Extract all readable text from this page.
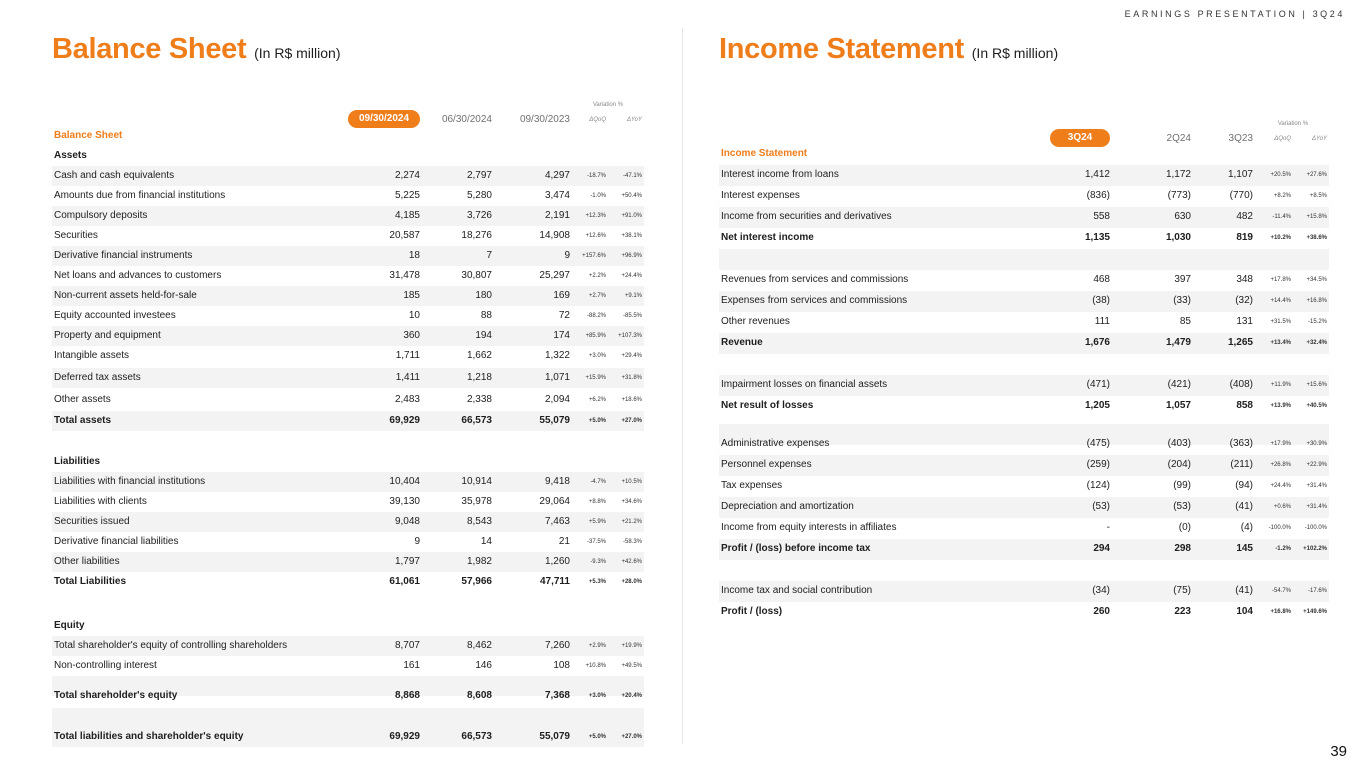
EARNINGS PRESENTATION | 3Q24
Balance Sheet (In R$ million)	Income Statement (In R$ million)
Variation %
09/30/2024	06/30/2024	09/30/2023	ΔQoQ	ΔYoY
Balance Sheet
Assets
Cash and cash equivalents	2,274	2,797	4,297	-18.7%	-47.1%
Amounts due from financial institutions	5,225	5,280	3,474	-1.0%	+50.4%
Compulsory deposits	4,185	3,726	2,191	+12.3%	+91.0%
Securities	20,587	18,276	14,908	+12.6%	+38.1%
Derivative financial instruments	18	7	9	+157.6%	+96.9%
Net loans and advances to customers	31,478	30,807	25,297	+2.2%	+24.4%
Non-current assets held-for-sale	185	180	169	+2.7%	+9.1%
Equity accounted investees	10	88	72	-88.2%	-85.5%
Property and equipment	360	194	174	+85.9%	+107.3%
Intangible assets	1,711	1,662	1,322	+3.0%	+29.4%
Deferred tax assets	1,411	1,218	1,071	+15.9%	+31.8%
Other assets	2,483	2,338	2,094	+6.2%	+18.6%
Total assets	69,929	66,573	55,079	+5.0%	+27.0%
Liabilities
Liabilities with financial institutions	10,404	10,914	9,418	-4.7%	+10.5%
Liabilities with clients	39,130	35,978	29,064	+8.8%	+34.6%
Securities issued	9,048	8,543	7,463	+5.9%	+21.2%
Derivative financial liabilities	9	14	21	-37.5%	-58.3%
Other liabilities	1,797	1,982	1,260	-9.3%	+42.6%
Total Liabilities	61,061	57,966	47,711	+5.3%	+28.0%
Equity
Total shareholder's equity of controlling shareholders	8,707	8,462	7,260	+2.9%	+19.9%
Non-controlling interest	161	146	108	+10.8%	+49.5%
Total shareholder's equity	8,868	8,608	7,368	+3.0%	+20.4%
Total liabilities and shareholder's equity	69,929	66,573	55,079	+5.0%	+27.0%
Variation %
3Q24	2Q24	3Q23	ΔQoQ	ΔYoY
Income Statement
Interest income from loans	1,412	1,172	1,107	+20.5%	+27.6%
Interest expenses	(836)	(773)	(770)	+8.2%	+8.5%
Income from securities and derivatives	558	630	482	-11.4%	+15.8%
Net interest income	1,135	1,030	819	+10.2%	+38.6%
Revenues from services and commissions	468	397	348	+17.8%	+34.5%
Expenses from services and commissions	(38)	(33)	(32)	+14.4%	+16.8%
Other revenues	111	85	131	+31.5%	-15.2%
Revenue	1,676	1,479	1,265	+13.4%	+32.4%
Impairment losses on financial assets	(471)	(421)	(408)	+11.9%	+15.6%
Net result of losses	1,205	1,057	858	+13.9%	+40.5%
Administrative expenses	(475)	(403)	(363)	+17.9%	+30.9%
Personnel expenses	(259)	(204)	(211)	+26.8%	+22.9%
Tax expenses	(124)	(99)	(94)	+24.4%	+31.4%
Depreciation and amortization	(53)	(53)	(41)	+0.6%	+31.4%
Income from equity interests in affiliates	-	(0)	(4)	-100.0%	-100.0%
Profit / (loss) before income tax	294	298	145	-1.2%	+102.2%
Income tax and social contribution	(34)	(75)	(41)	-54.7%	-17.6%
Profit / (loss)	260	223	104	+16.8%	+149.6%
39
